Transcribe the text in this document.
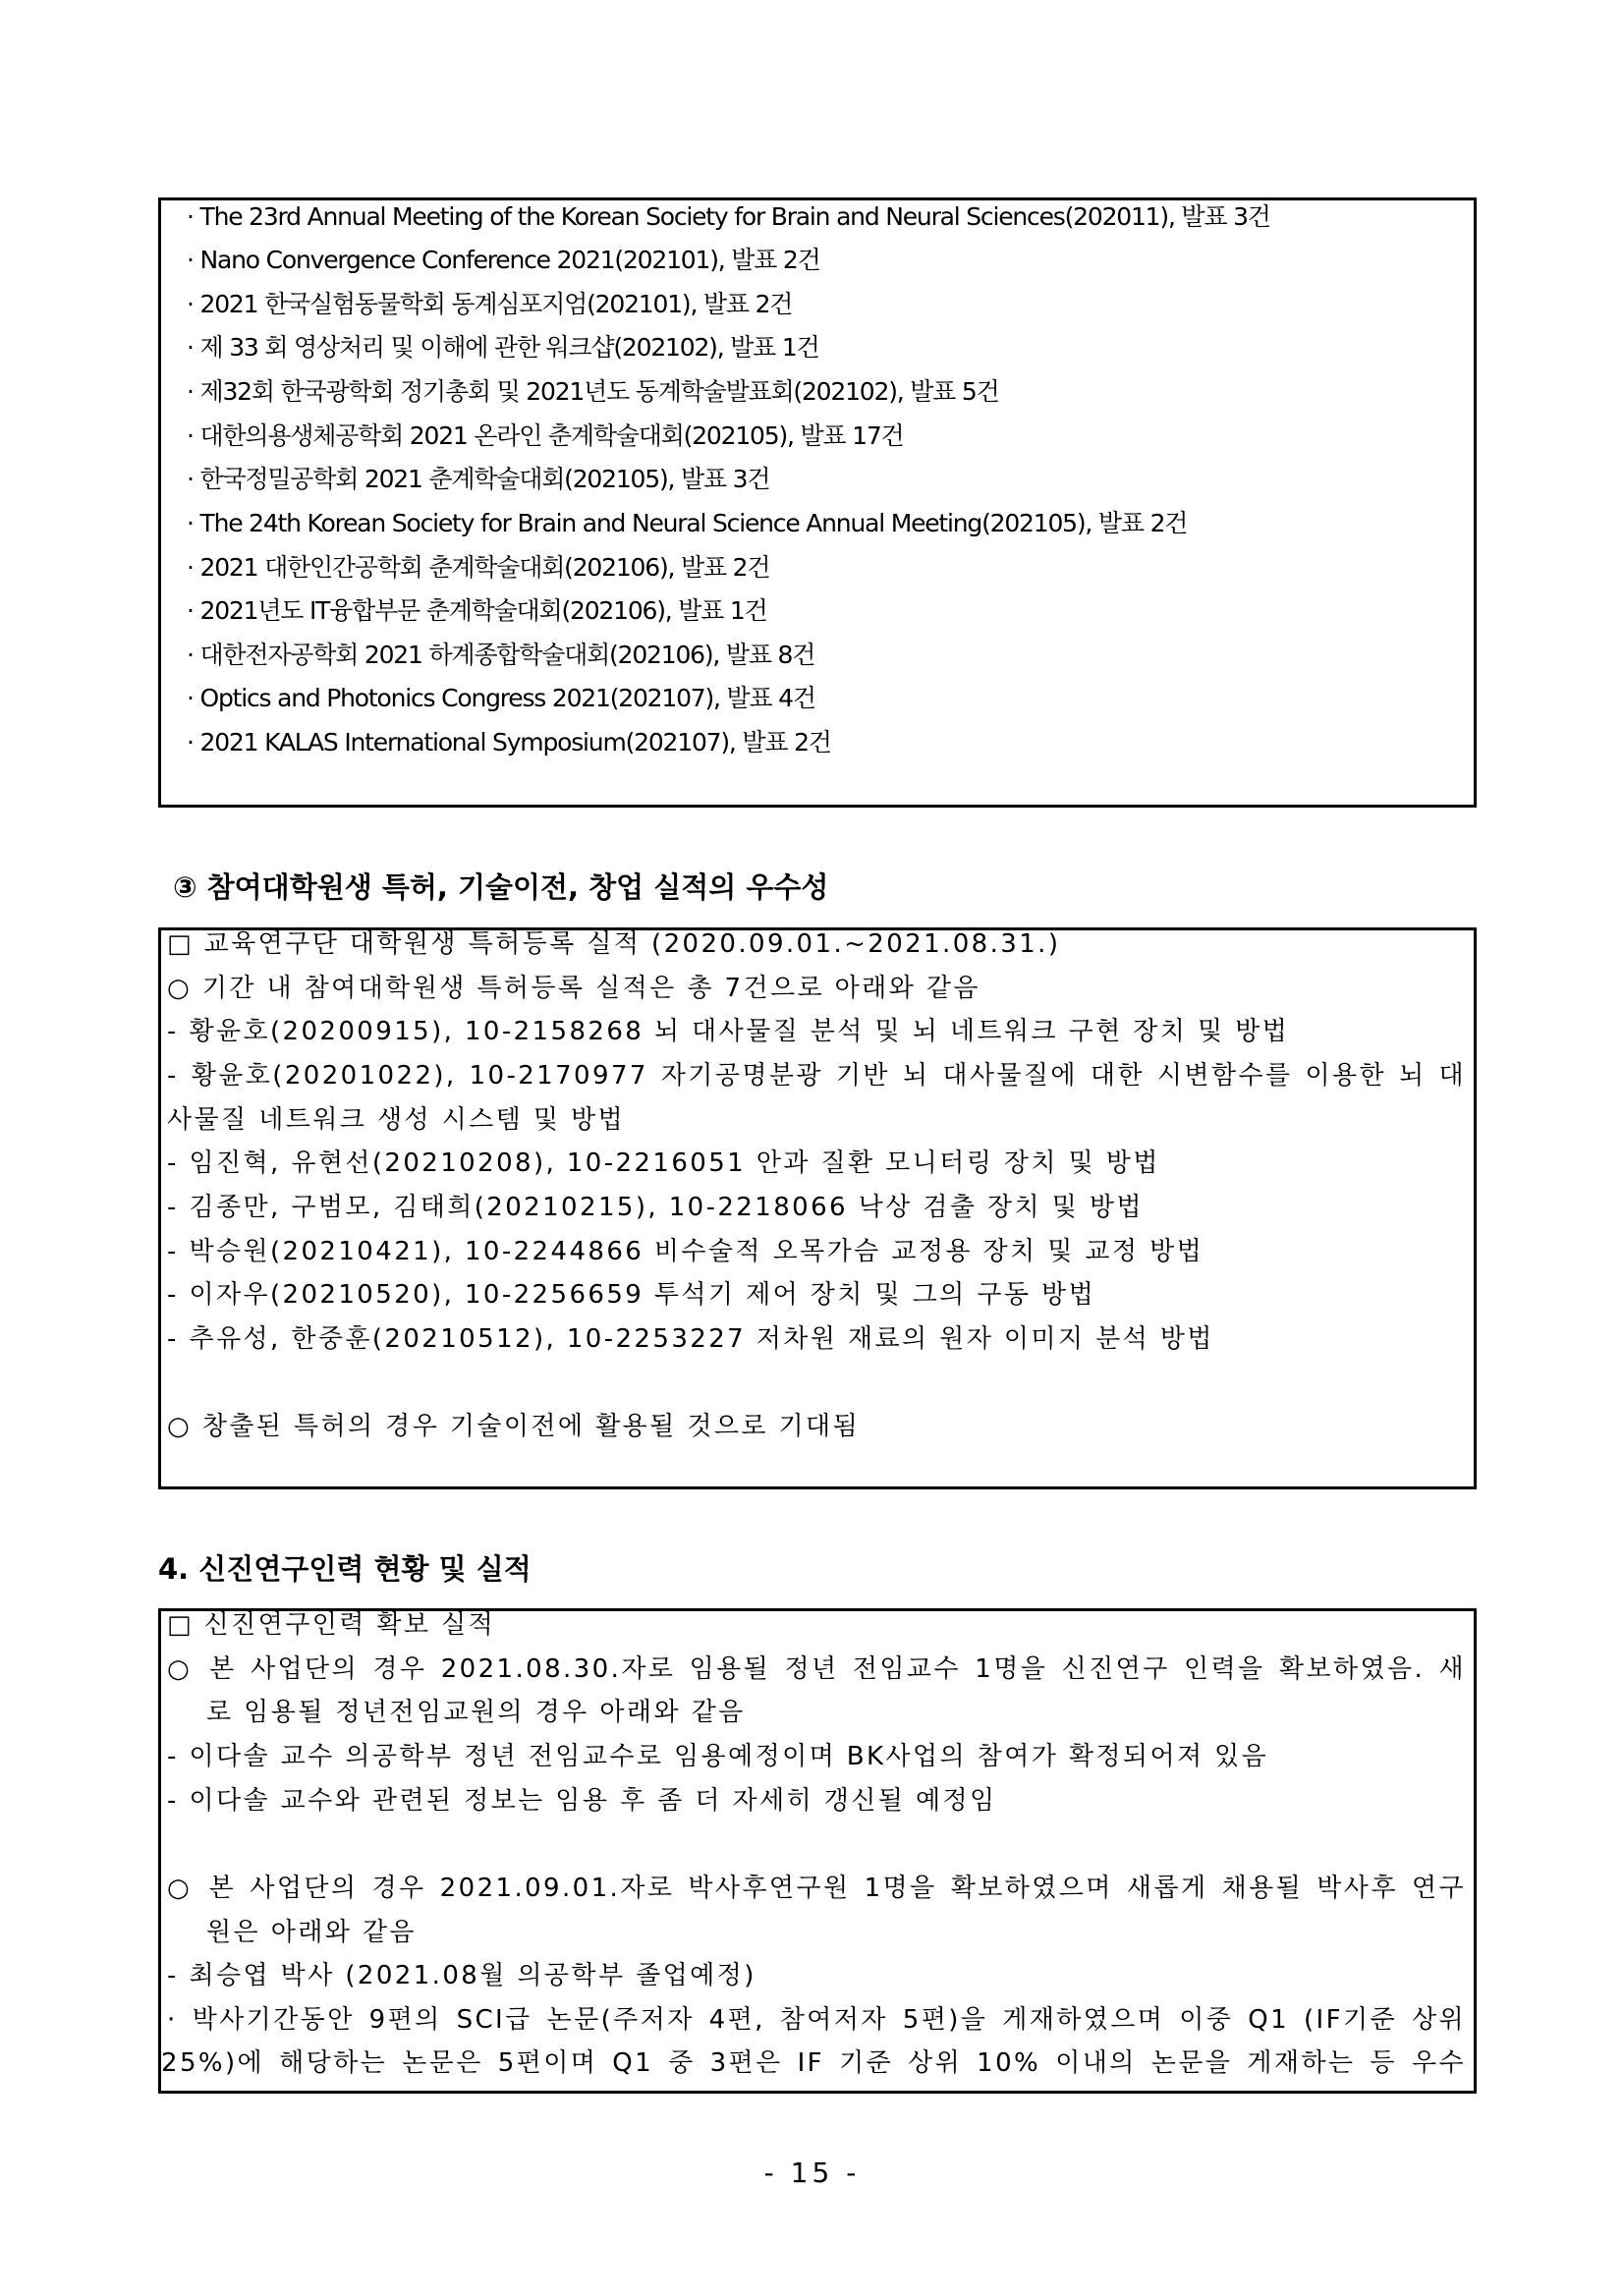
· The 23rd Annual Meeting of the Korean Society for Brain and Neural Sciences(202011), 발표 3건
· Nano Convergence Conference 2021(202101), 발표 2건
· 2021 한국실험동물학회 동계심포지엄(202101), 발표 2건
· 제 33 회 영상처리 및 이해에 관한 워크샵(202102), 발표 1건
· 제32회 한국광학회 정기총회 및 2021년도 동계학술발표회(202102), 발표 5건
· 대한의용생체공학회 2021 온라인 춘계학술대회(202105), 발표 17건
· 한국정밀공학회 2021 춘계학술대회(202105), 발표 3건
· The 24th Korean Society for Brain and Neural Science Annual Meeting(202105), 발표 2건
· 2021 대한인간공학회 춘계학술대회(202106), 발표 2건
· 2021년도 IT융합부문 춘계학술대회(202106), 발표 1건
· 대한전자공학회 2021 하계종합학술대회(202106), 발표 8건
· Optics and Photonics Congress 2021(202107), 발표 4건
· 2021 KALAS International Symposium(202107), 발표 2건
③ 참여대학원생 특허, 기술이전, 창업 실적의 우수성
□ 교육연구단 대학원생 특허등록 실적 (2020.09.01.~2021.08.31.)
○ 기간 내 참여대학원생 특허등록 실적은 총 7건으로 아래와 같음
- 황윤호(20200915), 10-2158268 뇌 대사물질 분석 및 뇌 네트워크 구현 장치 및 방법
- 황윤호(20201022), 10-2170977 자기공명분광 기반 뇌 대사물질에 대한 시변함수를 이용한 뇌 대
사물질 네트워크 생성 시스템 및 방법
- 임진혁, 유현선(20210208), 10-2216051 안과 질환 모니터링 장치 및 방법
- 김종만, 구범모, 김태희(20210215), 10-2218066 낙상 검출 장치 및 방법
- 박승원(20210421), 10-2244866 비수술적 오목가슴 교정용 장치 및 교정 방법
- 이자우(20210520), 10-2256659 투석기 제어 장치 및 그의 구동 방법
- 추유성, 한중훈(20210512), 10-2253227 저차원 재료의 원자 이미지 분석 방법
○ 창출된 특허의 경우 기술이전에 활용될 것으로 기대됨
4. 신진연구인력 현황 및 실적
□ 신진연구인력 확보 실적
○ 본 사업단의 경우 2021.08.30.자로 임용될 정년 전임교수 1명을 신진연구 인력을 확보하였음. 새
로 임용될 정년전임교원의 경우 아래와 같음
- 이다솔 교수 의공학부 정년 전임교수로 임용예정이며 BK사업의 참여가 확정되어져 있음
- 이다솔 교수와 관련된 정보는 임용 후 좀 더 자세히 갱신될 예정임
○ 본 사업단의 경우 2021.09.01.자로 박사후연구원 1명을 확보하였으며 새롭게 채용될 박사후 연구
원은 아래와 같음
- 최승엽 박사 (2021.08월 의공학부 졸업예정)
· 박사기간동안 9편의 SCI급 논문(주저자 4편, 참여저자 5편)을 게재하였으며 이중 Q1 (IF기준 상위
25%)에 해당하는 논문은 5편이며 Q1 중 3편은 IF 기준 상위 10% 이내의 논문을 게재하는 등 우수
- 15 -
